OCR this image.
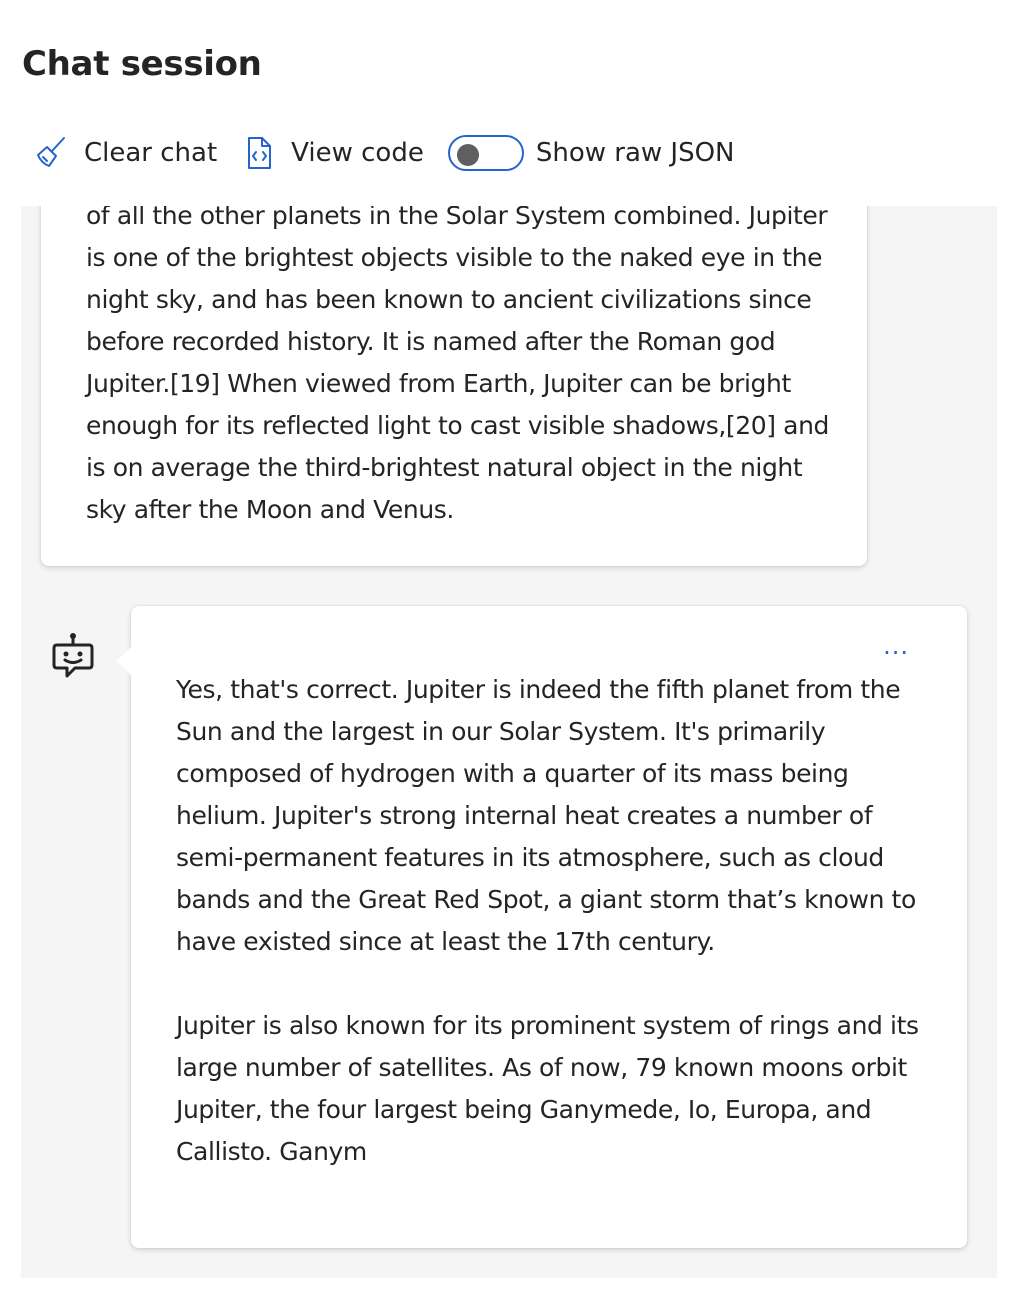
Chat session
Clear chat	View code	Show raw JSON

of all the other planets in the Solar System combined. Jupiter is one of the brightest objects visible to the naked eye in the night sky, and has been known to ancient civilizations since before recorded history. It is named after the Roman god Jupiter.[19] When viewed from Earth, Jupiter can be bright enough for its reflected light to cast visible shadows,[20] and is on average the third-brightest natural object in the night sky after the Moon and Venus.

...

Yes, that's correct. Jupiter is indeed the fifth planet from the Sun and the largest in our Solar System. It's primarily composed of hydrogen with a quarter of its mass being helium. Jupiter's strong internal heat creates a number of semi-permanent features in its atmosphere, such as cloud bands and the Great Red Spot, a giant storm that’s known to have existed since at least the 17th century.

Jupiter is also known for its prominent system of rings and its large number of satellites. As of now, 79 known moons orbit Jupiter, the four largest being Ganymede, Io, Europa, and Callisto. Ganym
